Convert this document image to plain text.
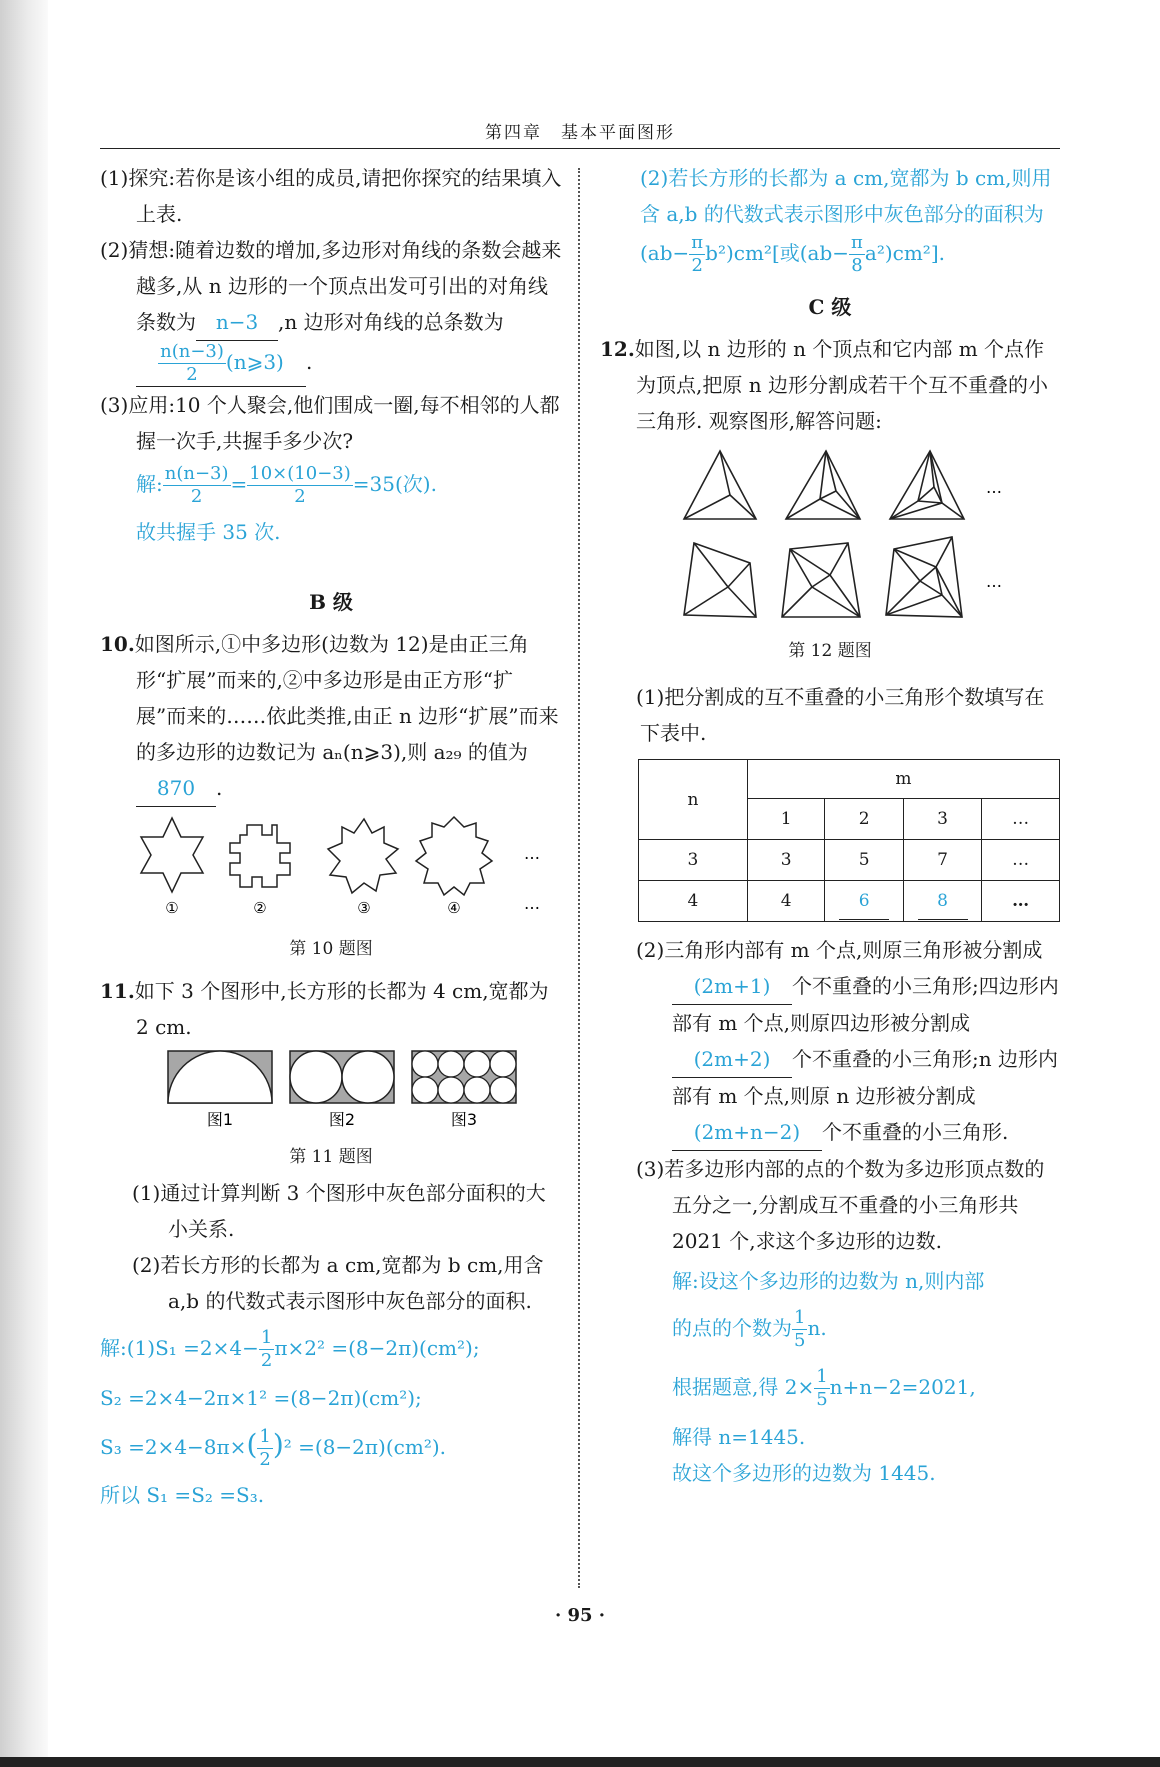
第四章　基本平面图形

(1)探究:若你是该小组的成员,请把你探究的结果填入上表.

(2)猜想:随着边数的增加,多边形对角线的条数会越来越多,从 n 边形的一个顶点出发可引出的对角线条数为 n−3 ,n 边形对角线的总条数为
$\frac{n(n-3)}{2}$ (n⩾3) .

(3)应用:10 个人聚会,他们围成一圈,每不相邻的人都握一次手,共握手多少次?

解: $\frac{n(n-3)}{2} = \frac{10\times(10-3)}{2} =35$(次).

故共握手 35 次.

B 级

10.如图所示,①中多边形(边数为 12)是由正三角形“扩展”而来的,②中多边形是由正方形“扩展”而来的……依此类推,由正 n 边形“扩展”而来的多边形的边数记为 aₙ(n⩾3),则 a₂₉ 的值为870 .

…
…
①	②	③	④
第 10 题图

11.如下 3 个图形中,长方形的长都为 4 cm,宽都为 2 cm.

图1	图2	图3
第 11 题图

(1)通过计算判断 3 个图形中灰色部分面积的大小关系.

(2)若长方形的长都为 a cm,宽都为 b cm,用含 a,b 的代数式表示图形中灰色部分的面积.

解:(1)S₁ $=2\times 4- \frac{1}{2} \pi\times 2^2 =(8-2\pi)(cm^2)$;

S₂ =2×4−2π×1² =(8−2π)(cm²);

$S_3 =2\times 4-8\pi\times( \frac{1}{2} )^2 =(8-2\pi)(cm^2)$.

所以 S₁ =S₂ =S₃.

(2)若长方形的长都为 a cm,宽都为 b cm,则用含 a,b 的代数式表示图形中灰色部分的面积为$(ab- \frac{\pi}{2} b^2)cm^2$[或$(ab- \frac{\pi}{8} a^2)cm^2$].

C 级

12.如图,以 n 边形的 n 个顶点和它内部 m 个点作为顶点,把原 n 边形分割成若干个互不重叠的小三角形. 观察图形,解答问题:

…
…
第 12 题图

(1)把分割成的互不重叠的小三角形个数填写在下表中.

n	m			
	1	2	3	…
3	3	5	7	…
4	4	6	8	…

(2)三角形内部有 m 个点,则原三角形被分割成(2m+1) 个不重叠的小三角形;四边形内部有 m 个点,则原四边形被分割成(2m+2) 个不重叠的小三角形;n 边形内部有 m 个点,则原 n 边形被分割成(2m+n−2) 个不重叠的小三角形.

(3)若多边形内部的点的个数为多边形顶点数的五分之一,分割成互不重叠的小三角形共 2021 个,求这个多边形的边数.

解:设这个多边形的边数为 n,则内部

的点的个数为 $\frac{1}{5} n$.

根据题意,得 $2\times \frac{1}{5} n+n-2=2021$,

解得 n=1445.

故这个多边形的边数为 1445.

· 95 ·
